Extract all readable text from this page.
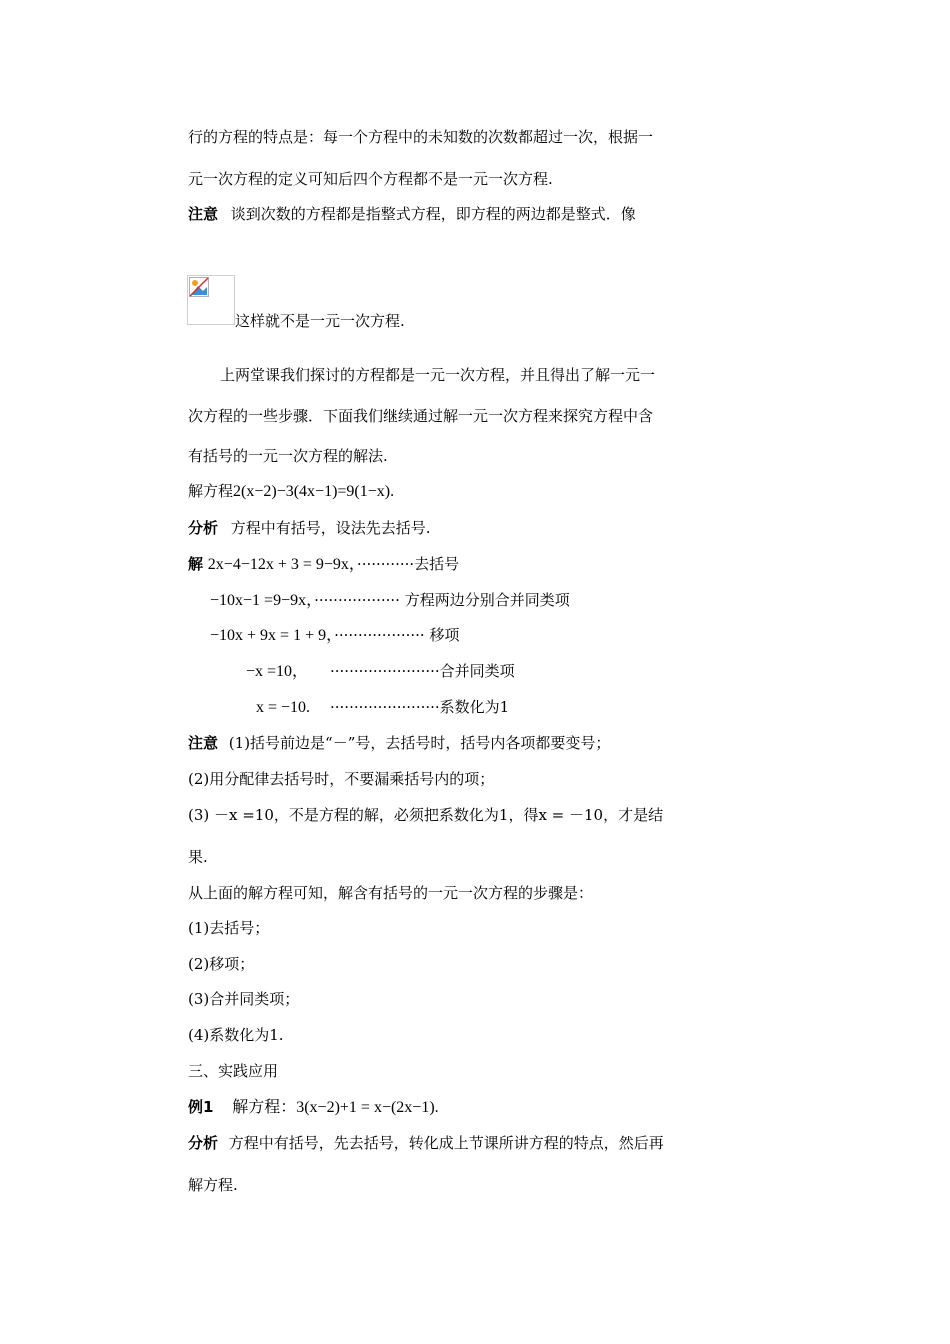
行的方程的特点是：每一个方程中的未知数的次数都超过一次，根据一
元一次方程的定义可知后四个方程都不是一元一次方程.
注意 谈到次数的方程都是指整式方程，即方程的两边都是整式．像
这样就不是一元一次方程.
上两堂课我们探讨的方程都是一元一次方程，并且得出了解一元一
次方程的一些步骤．下面我们继续通过解一元一次方程来探究方程中含
有括号的一元一次方程的解法.
解方程2(x−2)−3(4x−1)=9(1−x).
分析 方程中有括号，设法先去括号.
解 2x−4−12x + 3 = 9−9x，············去括号
−10x−1 =9−9x，·················· 方程两边分别合并同类项
−10x + 9x = 1 + 9，··················· 移项
−x =10， ·······················合并同类项
x = −10. ·······················系数化为1
注意 (1)括号前边是“－”号，去括号时，括号内各项都要变号；
(2)用分配律去括号时，不要漏乘括号内的项；
(3) －x =10，不是方程的解，必须把系数化为1，得x = －10，才是结
果.
从上面的解方程可知，解含有括号的一元一次方程的步骤是：
(1)去括号；
(2)移项；
(3)合并同类项；
(4)系数化为1.
三、实践应用
例1 解方程：3(x−2)+1 = x−(2x−1).
分析 方程中有括号，先去括号，转化成上节课所讲方程的特点，然后再
解方程.
